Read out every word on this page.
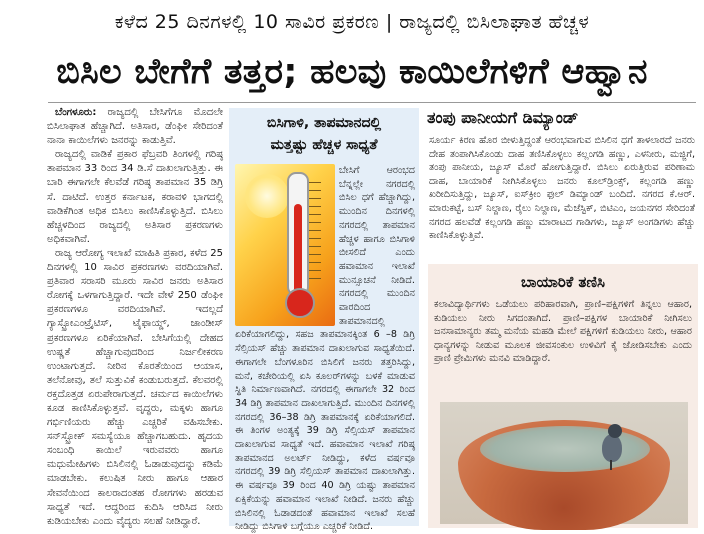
ಕಳೆದ 25 ದಿನಗಳಲ್ಲಿ 10 ಸಾವಿರ ಪ್ರಕರಣ | ರಾಜ್ಯದಲ್ಲಿ ಬಿಸಿಲಾಘಾತ ಹೆಚ್ಚಳ
ಬಿಸಿಲ ಬೇಗೆಗೆ ತತ್ತರ; ಹಲವು ಕಾಯಿಲೆಗಳಿಗೆ ಆಹ್ವಾನ

ಬೆಂಗಳೂರು: ರಾಜ್ಯದಲ್ಲಿ ಬೇಸಿಗೆಗೂ ಮೊದಲೇ ಬಿಸಿಲಾಘಾತ ಹೆಚ್ಚಾಗಿದೆ. ಅತಿಸಾರ, ಡೆಂಘೀ ಸೇರಿದಂತೆ ನಾನಾ ಕಾಯಿಲೆಗಳು ಜನರನ್ನು ಕಾಡುತ್ತಿವೆ.

ರಾಜ್ಯದಲ್ಲಿ ವಾಡಿಕೆ ಪ್ರಕಾರ ಫೆಬ್ರವರಿ ತಿಂಗಳಲ್ಲಿ ಗರಿಷ್ಠ ತಾಪಮಾನ 33 ರಿಂದ 34 ಡಿ.ಸೆ ದಾಖಲಾಗುತ್ತಿತ್ತು. ಈ ಬಾರಿ ಈಗಾಗಲೇ ಕೆಲವೆಡೆ ಗರಿಷ್ಠ ತಾಪಮಾನ 35 ಡಿಗ್ರಿ ಸೆ. ದಾಟಿದೆ. ಉತ್ತರ ಕರ್ನಾಟಕ, ಕರಾವಳಿ ಭಾಗದಲ್ಲಿ ವಾಡಿಕೆಗಿಂತ ಅಧಿಕ ಬಿಸಿಲು ಕಾಣಿಸಿಕೊಳ್ಳುತ್ತಿದೆ. ಬಿಸಿಲು ಹೆಚ್ಚಳದಿಂದ ರಾಜ್ಯದಲ್ಲಿ ಅತಿಸಾರ ಪ್ರಕರಣಗಳು ಅಧಿಕವಾಗಿವೆ.

ರಾಜ್ಯ ಆರೋಗ್ಯ ಇಲಾಖೆ ಮಾಹಿತಿ ಪ್ರಕಾರ, ಕಳೆದ 25 ದಿನಗಳಲ್ಲಿ 10 ಸಾವಿರ ಪ್ರಕರಣಗಳು ವರದಿಯಾಗಿವೆ. ಪ್ರತಿವಾರ ಸರಾಸರಿ ಮೂರು ಸಾವಿರ ಜನರು ಅತಿಸಾರ ರೋಗಕ್ಕೆ ಒಳಗಾಗುತ್ತಿದ್ದಾರೆ. ಇದೇ ವೇಳೆ 250 ಡೆಂಘೀ ಪ್ರಕರಣಗಳೂ ವರದಿಯಾಗಿವೆ. ಇದಲ್ಲದೆ ಗ್ಯಾಸ್ಟ್ರೋಎಂಟ್ರೈಟಿಸ್, ಟೈಫಾಯ್ಡ್, ಜಾಂಡೀಸ್ ಪ್ರಕರಣಗಳೂ ಏರಿಕೆಯಾಗಿವೆ. ಬೇಸಿಗೆಯಲ್ಲಿ ದೇಹದ ಉಷ್ಣತೆ ಹೆಚ್ಚಾಗುವುದರಿಂದ ನಿರ್ಜಲೀಕರಣ ಉಂಟಾಗುತ್ತದೆ. ನೀರಿನ ಕೊರತೆಯಿಂದ ಆಯಾಸ, ತಲೆನೋವು, ತಲೆ ಸುತ್ತುವಿಕೆ ಕಂಡುಬರುತ್ತದೆ. ಕೆಲವರಲ್ಲಿ ರಕ್ತದೊತ್ತಡ ಏರುಪೇರಾಗುತ್ತದೆ. ಚರ್ಮದ ಕಾಯಿಲೆಗಳು ಕೂಡ ಕಾಣಿಸಿಕೊಳ್ಳುತ್ತವೆ. ವೃದ್ಧರು, ಮಕ್ಕಳು ಹಾಗೂ ಗರ್ಭಿಣಿಯರು ಹೆಚ್ಚು ಎಚ್ಚರಿಕೆ ವಹಿಸಬೇಕು. ಸನ್‌ಸ್ಟ್ರೋಕ್ ಸಮಸ್ಯೆಯೂ ಹೆಚ್ಚಾಗಬಹುದು. ಹೃದಯ ಸಂಬಂಧಿ ಕಾಯಿಲೆ ಇರುವವರು ಹಾಗೂ ಮಧುಮೇಹಿಗಳು ಬಿಸಿಲಿನಲ್ಲಿ ಓಡಾಡುವುದನ್ನು ಕಡಿಮೆ ಮಾಡಬೇಕು. ಕಲುಷಿತ ನೀರು ಹಾಗೂ ಆಹಾರ ಸೇವನೆಯಿಂದ ಕಾಲರಾದಂತಹ ರೋಗಗಳು ಹರಡುವ ಸಾಧ್ಯತೆ ಇದೆ. ಆದ್ದರಿಂದ ಕುದಿಸಿ ಆರಿಸಿದ ನೀರು ಕುಡಿಯಬೇಕು ಎಂದು ವೈದ್ಯರು ಸಲಹೆ ನೀಡಿದ್ದಾರೆ.

ಬಿಸಿಗಾಳಿ, ತಾಪಮಾನದಲ್ಲಿ
ಮತ್ತಷ್ಟು ಹೆಚ್ಚಳ ಸಾಧ್ಯತೆ

ಬೇಸಿಗೆ ಆರಂಭದ ಬೆನ್ನಲ್ಲೇ ನಗರದಲ್ಲಿ ಬಿಸಿಲ ಧಗೆ ಹೆಚ್ಚಾಗಿದ್ದು, ಮುಂದಿನ ದಿನಗಳಲ್ಲಿ ನಗರದಲ್ಲಿ ತಾಪಮಾನ ಹೆಚ್ಚಳ ಹಾಗೂ ಬಿಸಿಗಾಳಿ ಬೀಸಲಿದೆ ಎಂದು ಹವಾಮಾನ ಇಲಾಖೆ ಮುನ್ಸೂಚನೆ ನೀಡಿದೆ. ನಗರದಲ್ಲಿ ಮುಂದಿನ ವಾರದಿಂದ ತಾಪಮಾನದಲ್ಲಿ ಏರಿಕೆಯಾಗಲಿದ್ದು, ಸಹಜ ತಾಪಮಾನಕ್ಕಿಂತ 6 –8 ಡಿಗ್ರಿ ಸೆಲ್ಸಿಯಸ್ ಹೆಚ್ಚು ತಾಪಮಾನ ದಾಖಲಾಗುವ ಸಾಧ್ಯತೆಯಿದೆ. ಈಗಾಗಲೇ ಬೆಂಗಳೂರಿನ ಬಿಸಿಲಿಗೆ ಜನರು ತತ್ತರಿಸಿದ್ದು, ಮನೆ, ಕಚೇರಿಯಲ್ಲಿ ಏಸಿ ಕೂಲರ್‌ಗಳನ್ನು ಬಳಕೆ ಮಾಡುವ ಸ್ಥಿತಿ ನಿರ್ಮಾಣವಾಗಿದೆ. ನಗರದಲ್ಲಿ ಈಗಾಗಲೇ 32 ರಿಂದ 34 ಡಿಗ್ರಿ ತಾಪಮಾನ ದಾಖಲಾಗುತ್ತಿದೆ. ಮುಂದಿನ ದಿನಗಳಲ್ಲಿ ನಗರದಲ್ಲಿ 36–38 ಡಿಗ್ರಿ ತಾಪಮಾನಕ್ಕೆ ಏರಿಕೆಯಾಗಲಿದೆ. ಈ ತಿಂಗಳ ಅಂತ್ಯಕ್ಕೆ 39 ಡಿಗ್ರಿ ಸೆಲ್ಸಿಯಸ್ ತಾಪಮಾನ ದಾಖಲಾಗುವ ಸಾಧ್ಯತೆ ಇದೆ. ಹವಾಮಾನ ಇಲಾಖೆ ಗರಿಷ್ಠ ತಾಪಮಾನದ ಅಲರ್ಟ್ ನೀಡಿದ್ದು, ಕಳೆದ ವರ್ಷವೂ ನಗರದಲ್ಲಿ 39 ಡಿಗ್ರಿ ಸೆಲ್ಸಿಯಸ್ ತಾಪಮಾನ ದಾಖಲಾಗಿತ್ತು. ಈ ವರ್ಷವೂ 39 ರಿಂದ 40 ಡಿಗ್ರಿ ಯಷ್ಟು ತಾಪಮಾನ ಏಕ್ಸಿಕೆಯನ್ನು ಹವಾಮಾನ ಇಲಾಖೆ ನೀಡಿದೆ. ಜನರು ಹೆಚ್ಚು ಬಿಸಿಲಿನಲ್ಲಿ ಓಡಾಡದಂತೆ ಹವಾಮಾನ ಇಲಾಖೆ ಸಲಹೆ ನೀಡಿದ್ದು ಬಿಸಿಗಾಳಿ ಬಗ್ಗೆಯೂ ಎಚ್ಚರಿಕೆ ನೀಡಿದೆ.

ತಂಪು ಪಾನೀಯಗೆ ಡಿಮ್ಯಾಂಡ್

ಸೂರ್ಯ ಕಿರಣ ಹೊರ ಬೀಳುತ್ತಿದ್ದಂತೆ ಆರಂಭವಾಗುವ ಬಿಸಿಲಿನ ಧಗೆ ತಾಳಲಾರದೆ ಜನರು ದೇಹ ತಂಪಾಗಿಸಿಕೊಂಡು ದಾಹ ತಣಿಸಿಕೊಳ್ಳಲು ಕಲ್ಲಂಗಡಿ ಹಣ್ಣು, ಎಳನೀರು, ಮಜ್ಜಿಗೆ, ತಂಪು ಪಾನೀಯ, ಜ್ಯೂಸ್ ಮೊರೆ ಹೋಗುತ್ತಿದ್ದಾರೆ. ಬಿಸಿಲು ಏರುತ್ತಿರುವ ಪರಿಣಾಮ ದಾಹ, ಬಾಯಾರಿಕೆ ನೀಗಿಸಿಕೊಳ್ಳಲು ಜನರು ಕೂಲ್‌ಡ್ರಿಂಕ್ಸ್, ಕಲ್ಲಂಗಡಿ ಹಣ್ಣು ಖರೀದಿಸುತ್ತಿದ್ದು, ಜ್ಯೂಸ್, ಐಸ್‌ಕ್ರೀಂ ಫುಲ್ ಡಿಮ್ಯಾಂಡ್ ಬಂದಿದೆ. ನಗರದ ಕೆ.ಆರ್. ಮಾರುಕಟ್ಟೆ, ಬಸ್ ನಿಲ್ದಾಣ, ರೈಲು ನಿಲ್ದಾಣ, ಮೆಜೆಸ್ಟಿಕ್, ಬಿಟಿಎಂ, ಜಯನಗರ ಸೇರಿದಂತೆ ನಗರದ ಹಲವೆಡೆ ಕಲ್ಲಂಗಡಿ ಹಣ್ಣು ಮಾರಾಟದ ಗಾಡಿಗಳು, ಜ್ಯೂಸ್ ಅಂಗಡಿಗಳು ಹೆಚ್ಚು ಕಾಣಿಸಿಕೊಳ್ಳುತ್ತಿವೆ.

ಬಾಯಾರಿಕೆ ತಣಿಸಿ

ಕಲಾವಿದ್ಯಾರ್ಥಿಗಳು ಒಡೆಯಲು ಪರಿಹಾರವಾಗಿ, ಪ್ರಾಣಿ–ಪಕ್ಷಿಗಳಿಗೆ ತಿನ್ನಲು ಆಹಾರ, ಕುಡಿಯಲು ನೀರು ಸಿಗದಂತಾಗಿದೆ. ಪ್ರಾಣಿ–ಪಕ್ಷಿಗಳ ಬಾಯಾರಿಕೆ ನೀಗಿಸಲು ಜನಸಾಮಾನ್ಯರು ತಮ್ಮ ಮನೆಯ ಮಹಡಿ ಮೇಲೆ ಪಕ್ಷಿಗಳಿಗೆ ಕುಡಿಯಲು ನೀರು, ಆಹಾರ ಧಾನ್ಯಗಳನ್ನು ನೀಡುವ ಮೂಲಕ ಜೀವಸಂಕುಲ ಉಳಿವಿಗೆ ಕೈ ಜೋಡಿಸಬೇಕು ಎಂದು ಪ್ರಾಣಿ ಪ್ರೇಮಿಗಳು ಮನವಿ ಮಾಡಿದ್ದಾರೆ.
